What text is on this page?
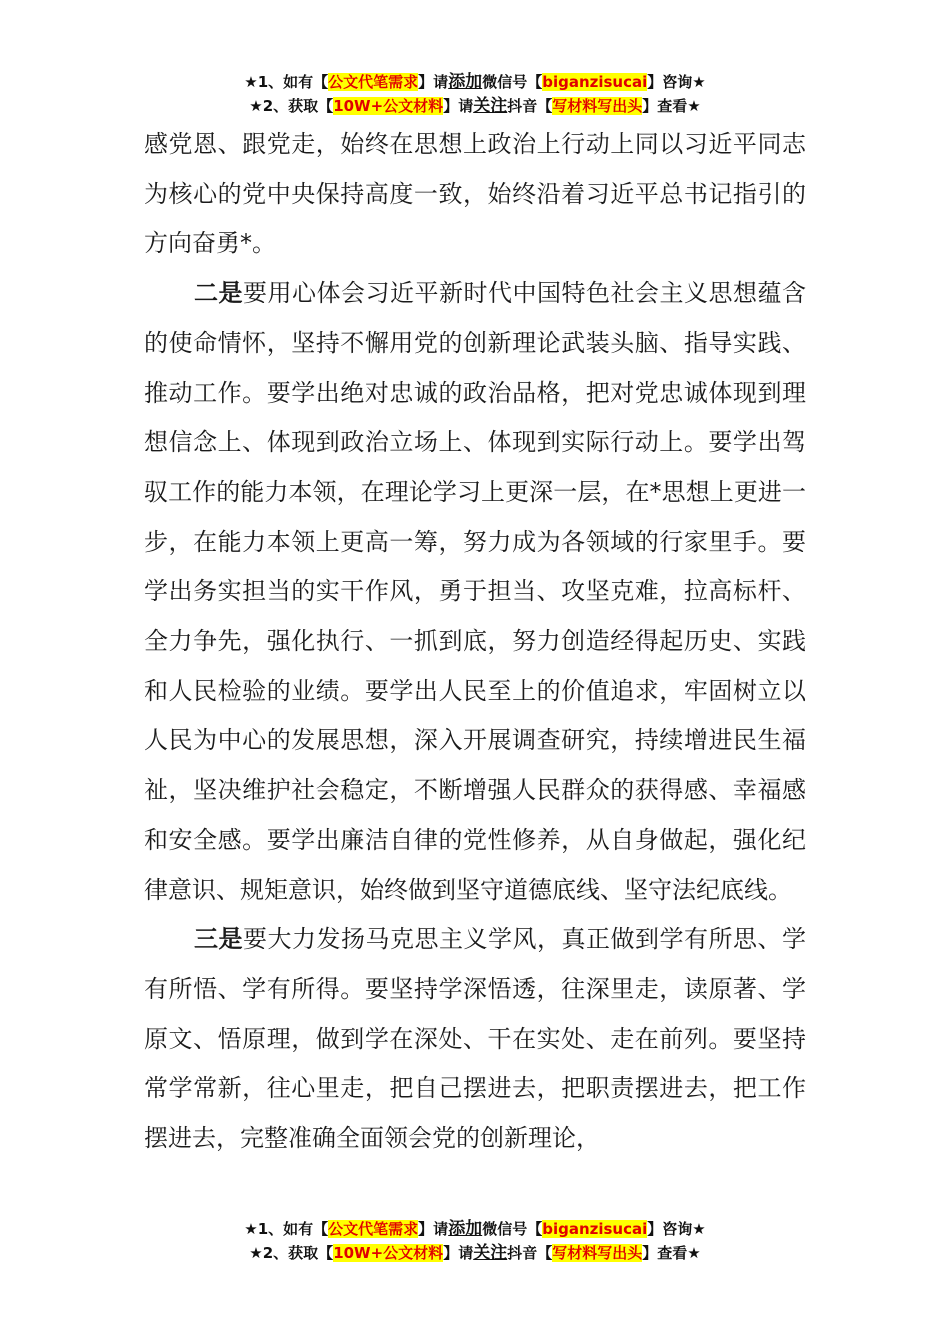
★1、如有【公文代笔需求】请添加微信号【biganzisucai】咨询★
★2、获取【10W+公文材料】请关注抖音【写材料写出头】查看★

感党恩、跟党走，始终在思想上政治上行动上同以习近平同志为核心的党中央保持高度一致，始终沿着习近平总书记指引的方向奋勇*。

二是要用心体会习近平新时代中国特色社会主义思想蕴含的使命情怀，坚持不懈用党的创新理论武装头脑、指导实践、推动工作。要学出绝对忠诚的政治品格，把对党忠诚体现到理想信念上、体现到政治立场上、体现到实际行动上。要学出驾驭工作的能力本领，在理论学习上更深一层，在*思想上更进一步，在能力本领上更高一筹，努力成为各领域的行家里手。要学出务实担当的实干作风，勇于担当、攻坚克难，拉高标杆、全力争先，强化执行、一抓到底，努力创造经得起历史、实践和人民检验的业绩。要学出人民至上的价值追求，牢固树立以人民为中心的发展思想，深入开展调查研究，持续增进民生福祉，坚决维护社会稳定，不断增强人民群众的获得感、幸福感和安全感。要学出廉洁自律的党性修养，从自身做起，强化纪律意识、规矩意识，始终做到坚守道德底线、坚守法纪底线。

三是要大力发扬马克思主义学风，真正做到学有所思、学有所悟、学有所得。要坚持学深悟透，往深里走，读原著、学原文、悟原理，做到学在深处、干在实处、走在前列。要坚持常学常新，往心里走，把自己摆进去，把职责摆进去，把工作摆进去，完整准确全面领会党的创新理论，

★1、如有【公文代笔需求】请添加微信号【biganzisucai】咨询★
★2、获取【10W+公文材料】请关注抖音【写材料写出头】查看★
